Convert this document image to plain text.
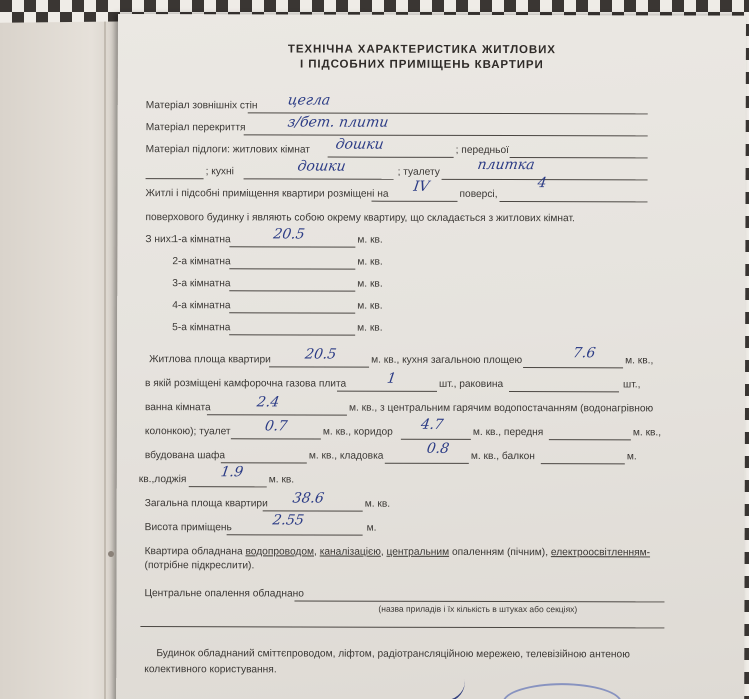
ТЕХНІЧНА ХАРАКТЕРИСТИКА ЖИТЛОВИХ
І ПІДСОБНИХ ПРИМІЩЕНЬ КВАРТИРИ
Матеріал зовнішніх стін цегла
Матеріал перекриття	з/бет. плити
Матеріал підлоги: житлових кімнат дошки	; передньої
; кухні	дошки	; туалету	плитка
Житлі і підсобні приміщення квартири розміщені на IV	поверсі,
4
поверхового будинку і являють собою окрему квартиру, що складається з житлових кімнат.
З них:
1-а кімнатна	20.5	м. кв.
2-а кімнатна	м. кв.
3-а кімнатна	м. кв.
4-а кімнатна	м. кв.
5-а кімнатна	м. кв.
Житлова площа квартири 20.5	м. кв., кухня загальною площею	7.6	м. кв.,
в якій розміщені камфорочна газова плита	1	шт., раковина	шт.,
ванна кімната	2.4	м. кв., з центральним гарячим водопостачанням (водонагрівною
колонкою); туалет 0.7	м. кв., коридор 4.7	м. кв., передня	м. кв.,
вбудована шафа	м. кв., кладовка	0.8 м. кв., балкон	м.
кв.,лоджія 1.9 м. кв.
Загальна площа квартири 38.6	м. кв.
Висота приміщень	2.55	м.
Квартира обладнана водопроводом, каналізацією, центральним опаленням (пічним), електроосвітленням-
(потрібне підкреслити).
Центральне опалення обладнано
(назва приладів і їх кількість в штуках або секціях)
Будинок обладнаний сміттєпроводом, ліфтом, радіотрансляційною мережею, телевізійною антеною
колективного користування.
